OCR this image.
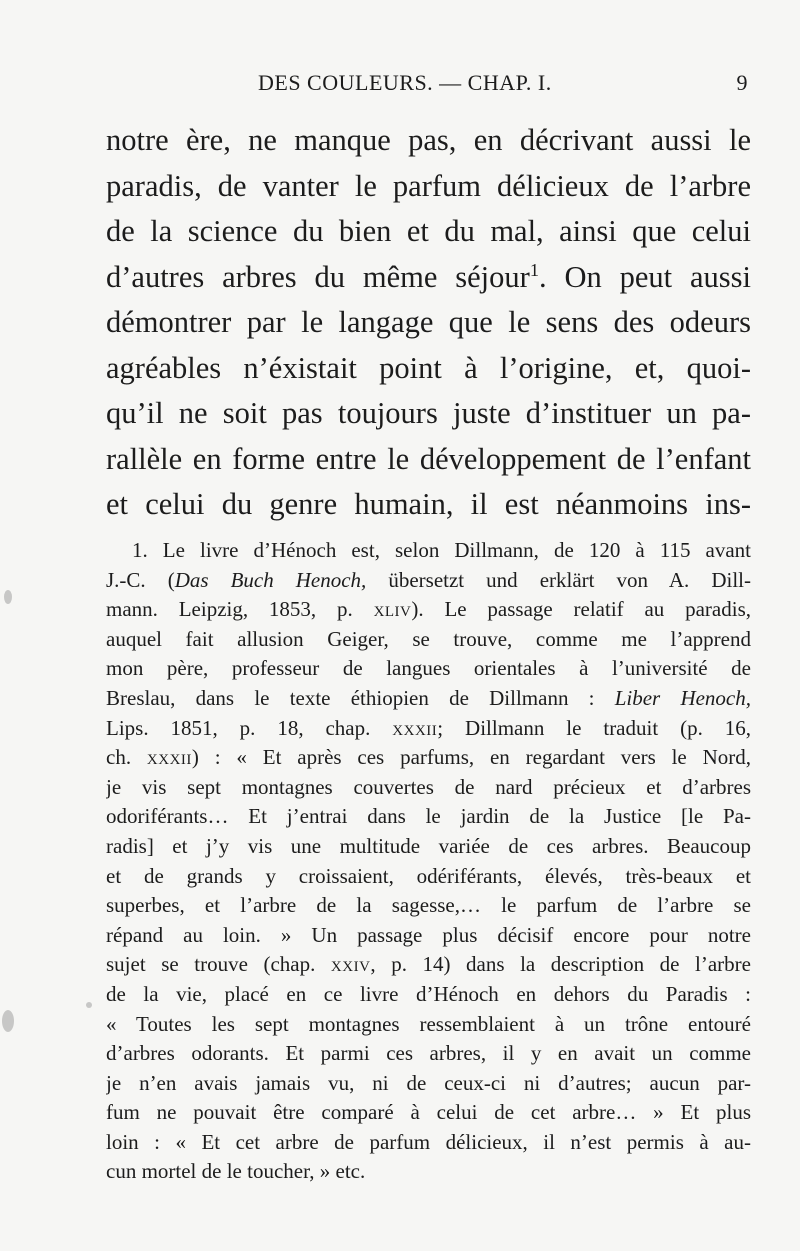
DES COULEURS. — CHAP. I.	9
notre ère, ne manque pas, en décrivant aussi le
paradis, de vanter le parfum délicieux de l’arbre
de la science du bien et du mal, ainsi que celui
d’autres arbres du même séjour$^1$. On peut aussi
démontrer par le langage que le sens des odeurs
agréables n’éxistait point à l’origine, et, quoi-
qu’il ne soit pas toujours juste d’instituer un pa-
rallèle en forme entre le développement de l’enfant
et celui du genre humain, il est néanmoins ins-
1. Le livre d’Hénoch est, selon Dillmann, de 120 à 115 avant
J.-C. (Das Buch Henoch, übersetzt und erklärt von A. Dill-
mann. Leipzig, 1853, p. xliv). Le passage relatif au paradis,
auquel fait allusion Geiger, se trouve, comme me l’apprend
mon père, professeur de langues orientales à l’université de
Breslau, dans le texte éthiopien de Dillmann : Liber Henoch,
Lips. 1851, p. 18, chap. xxxii; Dillmann le traduit (p. 16,
ch. xxxii) : « Et après ces parfums, en regardant vers le Nord,
je vis sept montagnes couvertes de nard précieux et d’arbres
odoriférants… Et j’entrai dans le jardin de la Justice [le Pa-
radis] et j’y vis une multitude variée de ces arbres. Beaucoup
et de grands y croissaient, odériférants, élevés, très-beaux et
superbes, et l’arbre de la sagesse,… le parfum de l’arbre se
répand au loin. » Un passage plus décisif encore pour notre
sujet se trouve (chap. xxiv, p. 14) dans la description de l’arbre
de la vie, placé en ce livre d’Hénoch en dehors du Paradis :
« Toutes les sept montagnes ressemblaient à un trône entouré
d’arbres odorants. Et parmi ces arbres, il y en avait un comme
je n’en avais jamais vu, ni de ceux-ci ni d’autres; aucun par-
fum ne pouvait être comparé à celui de cet arbre… » Et plus
loin : « Et cet arbre de parfum délicieux, il n’est permis à au-
cun mortel de le toucher, » etc.
